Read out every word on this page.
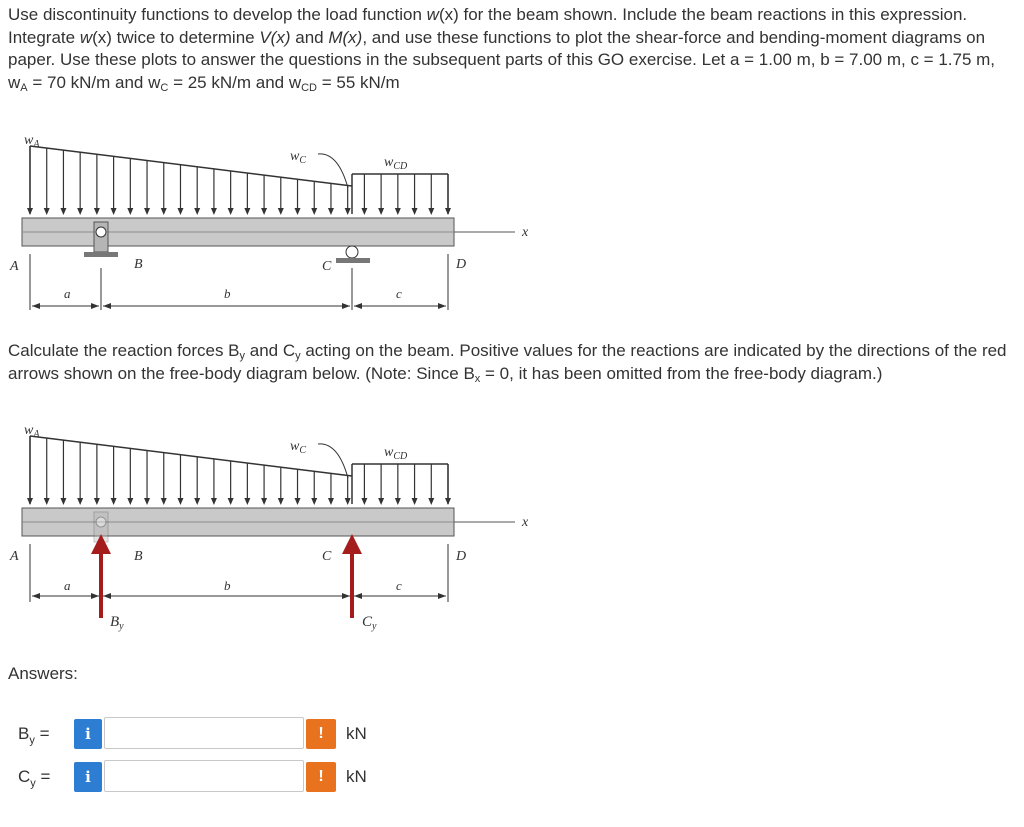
Use discontinuity functions to develop the load function w(x) for the beam shown. Include the beam reactions in this expression. Integrate w(x) twice to determine V(x) and M(x), and use these functions to plot the shear-force and bending-moment diagrams on paper. Use these plots to answer the questions in the subsequent parts of this GO exercise. Let a = 1.00 m, b = 7.00 m, c = 1.75 m, $w_A = 70$ kN/m and $w_C = 25$ kN/m and $w_{CD} = 55$ kN/m
$w_A$
$w_C$	$w_{CD}$
A	B	C	D
x
a	b	c
Calculate the reaction forces $B_y$ and $C_y$ acting on the beam. Positive values for the reactions are indicated by the directions of the red arrows shown on the free-body diagram below. (Note: Since $B_x = 0$, it has been omitted from the free-body diagram.)
$w_A$
$w_C$	$w_{CD}$
A	B	C	D
x
a	b	c
$B_y$	$C_y$
Answers:
$B_y$ =	i	!	kN
$C_y$ =	i	!	kN
